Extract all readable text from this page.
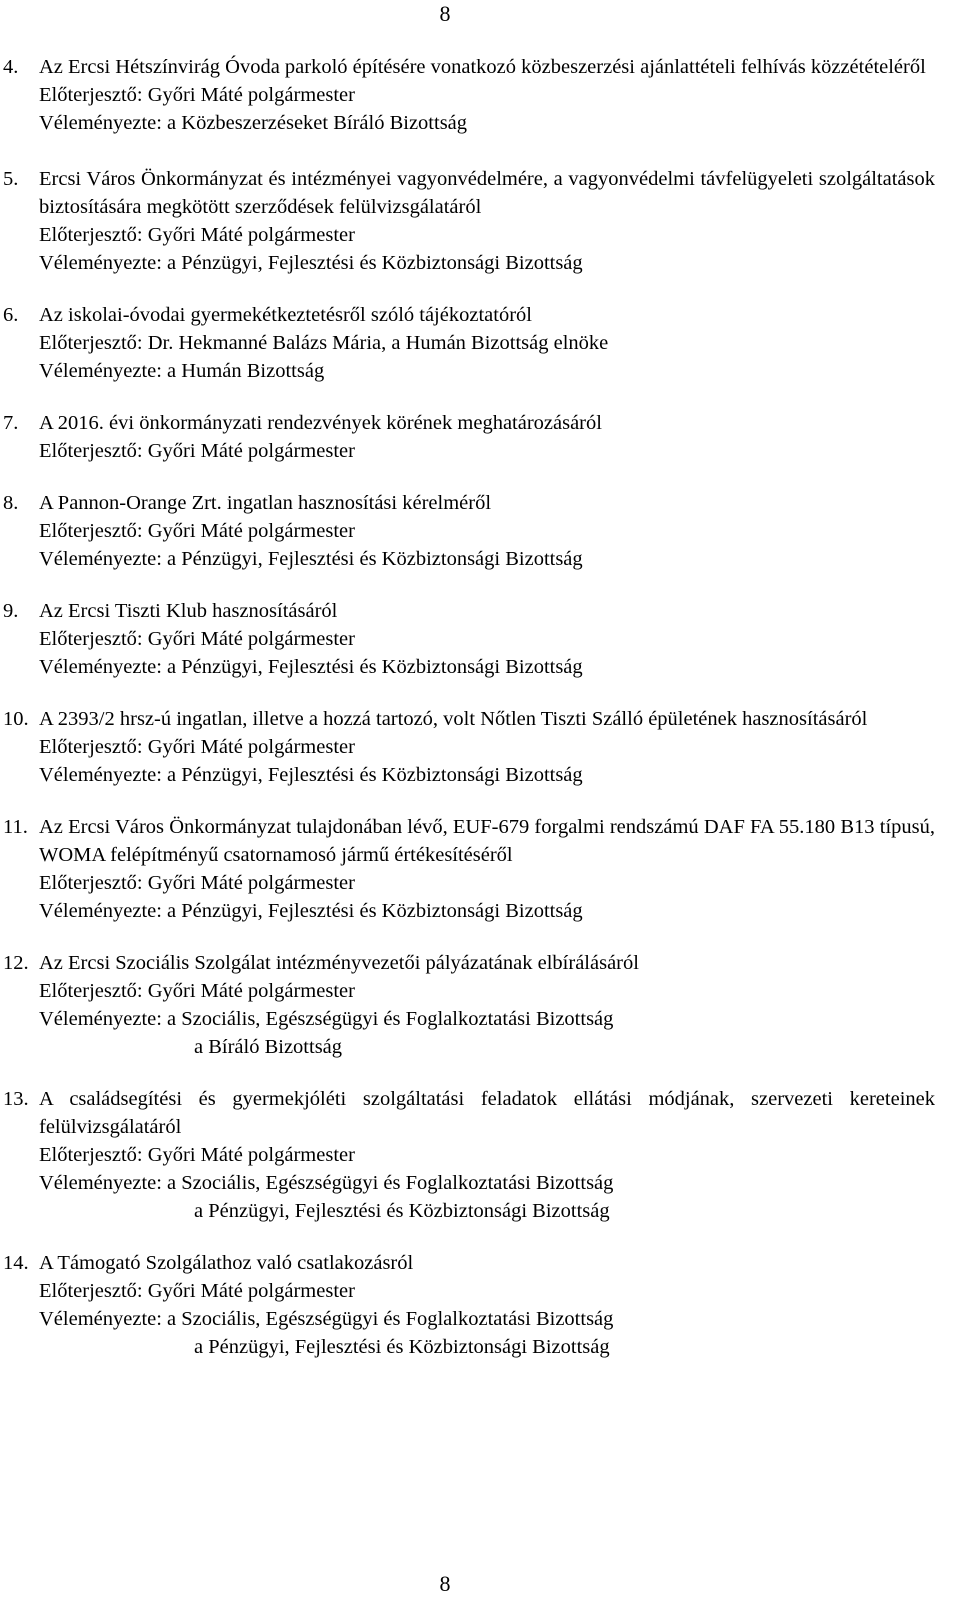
8
4.	Az Ercsi Hétszínvirág Óvoda parkoló építésére vonatkozó közbeszerzési ajánlattételi felhívás közzétételéről
Előterjesztő: Győri Máté polgármester
Véleményezte: a Közbeszerzéseket Bíráló Bizottság
5.	Ercsi Város Önkormányzat és intézményei vagyonvédelmére, a vagyonvédelmi távfelügyeleti szolgáltatások biztosítására megkötött szerződések felülvizsgálatáról
Előterjesztő: Győri Máté polgármester
Véleményezte: a Pénzügyi, Fejlesztési és Közbiztonsági Bizottság
6.	Az iskolai-óvodai gyermekétkeztetésről szóló tájékoztatóról
Előterjesztő: Dr. Hekmanné Balázs Mária, a Humán Bizottság elnöke
Véleményezte: a Humán Bizottság
7.	A 2016. évi önkormányzati rendezvények körének meghatározásáról
Előterjesztő: Győri Máté polgármester
8.	A Pannon-Orange Zrt. ingatlan hasznosítási kérelméről
Előterjesztő: Győri Máté polgármester
Véleményezte: a Pénzügyi, Fejlesztési és Közbiztonsági Bizottság
9.	Az Ercsi Tiszti Klub hasznosításáról
Előterjesztő: Győri Máté polgármester
Véleményezte: a Pénzügyi, Fejlesztési és Közbiztonsági Bizottság
10. A 2393/2 hrsz-ú ingatlan, illetve a hozzá tartozó, volt Nőtlen Tiszti Szálló épületének hasznosításáról
Előterjesztő: Győri Máté polgármester
Véleményezte: a Pénzügyi, Fejlesztési és Közbiztonsági Bizottság
11. Az Ercsi Város Önkormányzat tulajdonában lévő, EUF-679 forgalmi rendszámú DAF FA 55.180 B13 típusú, WOMA felépítményű csatornamosó jármű értékesítéséről
Előterjesztő: Győri Máté polgármester
Véleményezte: a Pénzügyi, Fejlesztési és Közbiztonsági Bizottság
12. Az Ercsi Szociális Szolgálat intézményvezetői pályázatának elbírálásáról
Előterjesztő: Győri Máté polgármester
Véleményezte: a Szociális, Egészségügyi és Foglalkoztatási Bizottság
a Bíráló Bizottság
13. A családsegítési és gyermekjóléti szolgáltatási feladatok ellátási módjának, szervezeti kereteinek felülvizsgálatáról
Előterjesztő: Győri Máté polgármester
Véleményezte: a Szociális, Egészségügyi és Foglalkoztatási Bizottság
a Pénzügyi, Fejlesztési és Közbiztonsági Bizottság
14. A Támogató Szolgálathoz való csatlakozásról
Előterjesztő: Győri Máté polgármester
Véleményezte: a Szociális, Egészségügyi és Foglalkoztatási Bizottság
a Pénzügyi, Fejlesztési és Közbiztonsági Bizottság
8
